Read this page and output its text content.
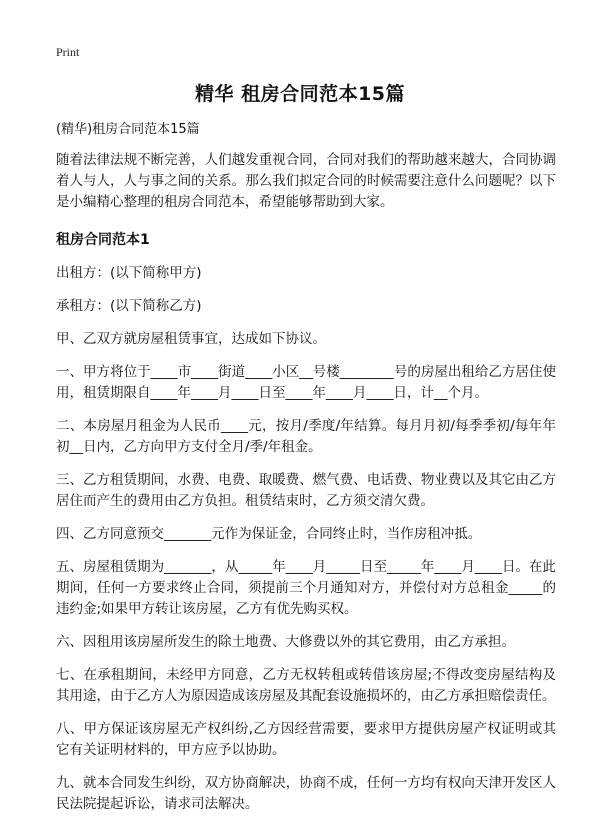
Print
精华 租房合同范本15篇
(精华)租房合同范本15篇

随着法律法规不断完善，人们越发重视合同，合同对我们的帮助越来越大，合同协调着人与人，人与事之间的关系。那么我们拟定合同的时候需要注意什么问题呢？以下是小编精心整理的租房合同范本，希望能够帮助到大家。

租房合同范本1

出租方：(以下简称甲方)

承租方：(以下简称乙方)

甲、乙双方就房屋租赁事宜，达成如下协议。

一、甲方将位于____市____街道____小区__号楼________号的房屋出租给乙方居住使用，租赁期限自____年____月____日至____年____月____日，计__个月。

二、本房屋月租金为人民币____元，按月/季度/年结算。每月月初/每季季初/每年年初__日内，乙方向甲方支付全月/季/年租金。

三、乙方租赁期间，水费、电费、取暖费、燃气费、电话费、物业费以及其它由乙方居住而产生的费用由乙方负担。租赁结束时，乙方须交清欠费。

四、乙方同意预交_______元作为保证金，合同终止时，当作房租冲抵。

五、房屋租赁期为_______，从_____年____月_____日至_____年____月____日。在此期间，任何一方要求终止合同，须提前三个月通知对方，并偿付对方总租金_____的违约金;如果甲方转让该房屋，乙方有优先购买权。

六、因租用该房屋所发生的除土地费、大修费以外的其它费用，由乙方承担。

七、在承租期间，未经甲方同意，乙方无权转租或转借该房屋;不得改变房屋结构及其用途，由于乙方人为原因造成该房屋及其配套设施损坏的，由乙方承担赔偿责任。

八、甲方保证该房屋无产权纠纷,乙方因经营需要，要求甲方提供房屋产权证明或其它有关证明材料的，甲方应予以协助。

九、就本合同发生纠纷，双方协商解决，协商不成，任何一方均有权向天津开发区人民法院提起诉讼，请求司法解决。
